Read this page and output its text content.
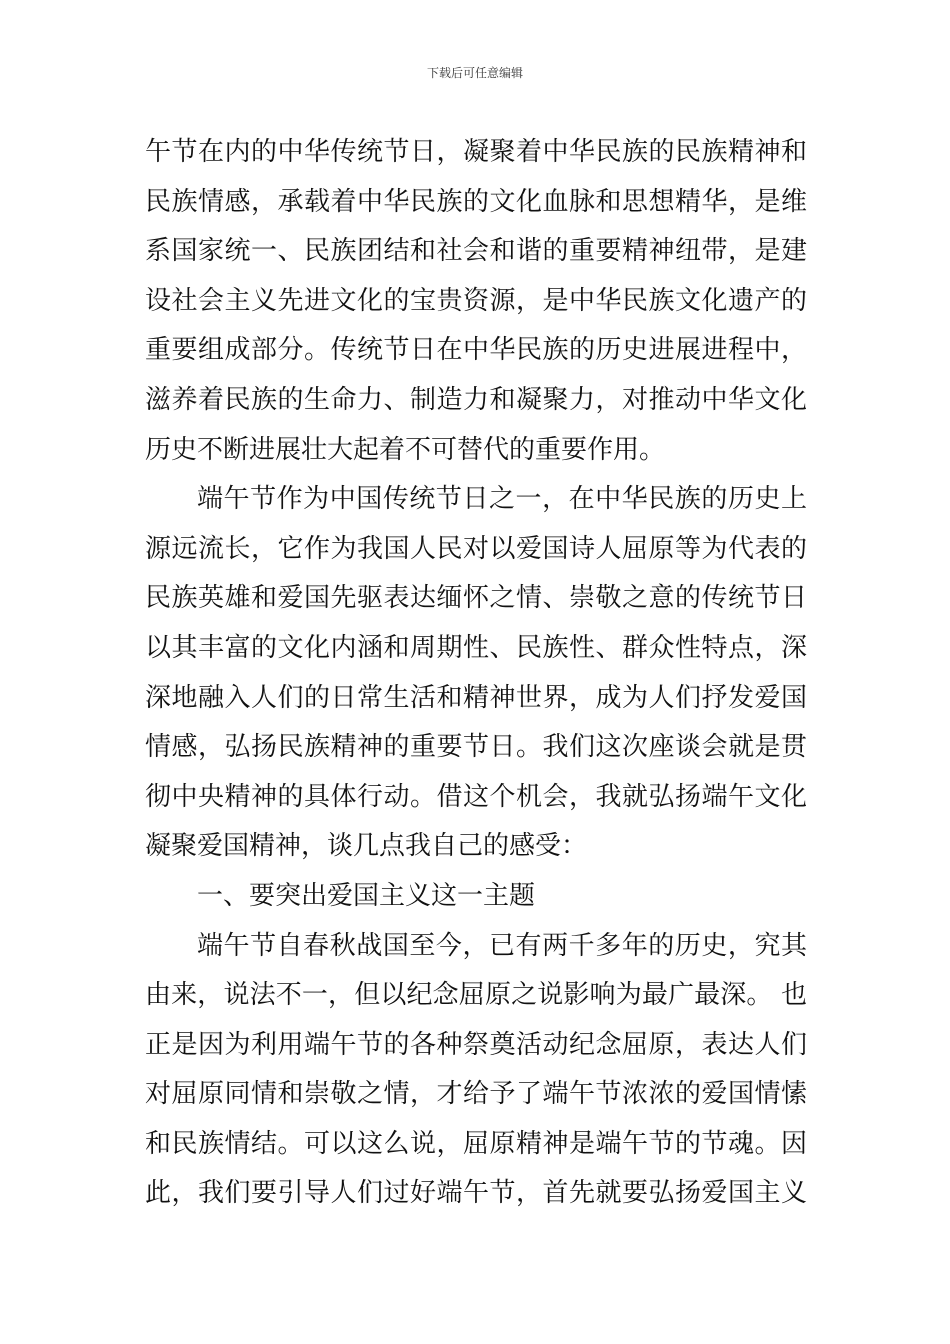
下载后可任意编辑
午节在内的中华传统节日，凝聚着中华民族的民族精神和
民族情感，承载着中华民族的文化血脉和思想精华，是维
系国家统一、民族团结和社会和谐的重要精神纽带，是建
设社会主义先进文化的宝贵资源，是中华民族文化遗产的
重要组成部分。传统节日在中华民族的历史进展进程中，
滋养着民族的生命力、制造力和凝聚力，对推动中华文化
历史不断进展壮大起着不可替代的重要作用。
端午节作为中国传统节日之一，在中华民族的历史上
源远流长，它作为我国人民对以爱国诗人屈原等为代表的
民族英雄和爱国先驱表达缅怀之情、崇敬之意的传统节日
以其丰富的文化内涵和周期性、民族性、群众性特点，深
深地融入人们的日常生活和精神世界，成为人们抒发爱国
情感，弘扬民族精神的重要节日。我们这次座谈会就是贯
彻中央精神的具体行动。借这个机会，我就弘扬端午文化
凝聚爱国精神，谈几点我自己的感受：
一、要突出爱国主义这一主题
端午节自春秋战国至今，已有两千多年的历史，究其
由来，说法不一，但以纪念屈原之说影响为最广最深。 也
正是因为利用端午节的各种祭奠活动纪念屈原，表达人们
对屈原同情和崇敬之情，才给予了端午节浓浓的爱国情愫
和民族情结。可以这么说，屈原精神是端午节的节魂。因
此，我们要引导人们过好端午节，首先就要弘扬爱国主义
